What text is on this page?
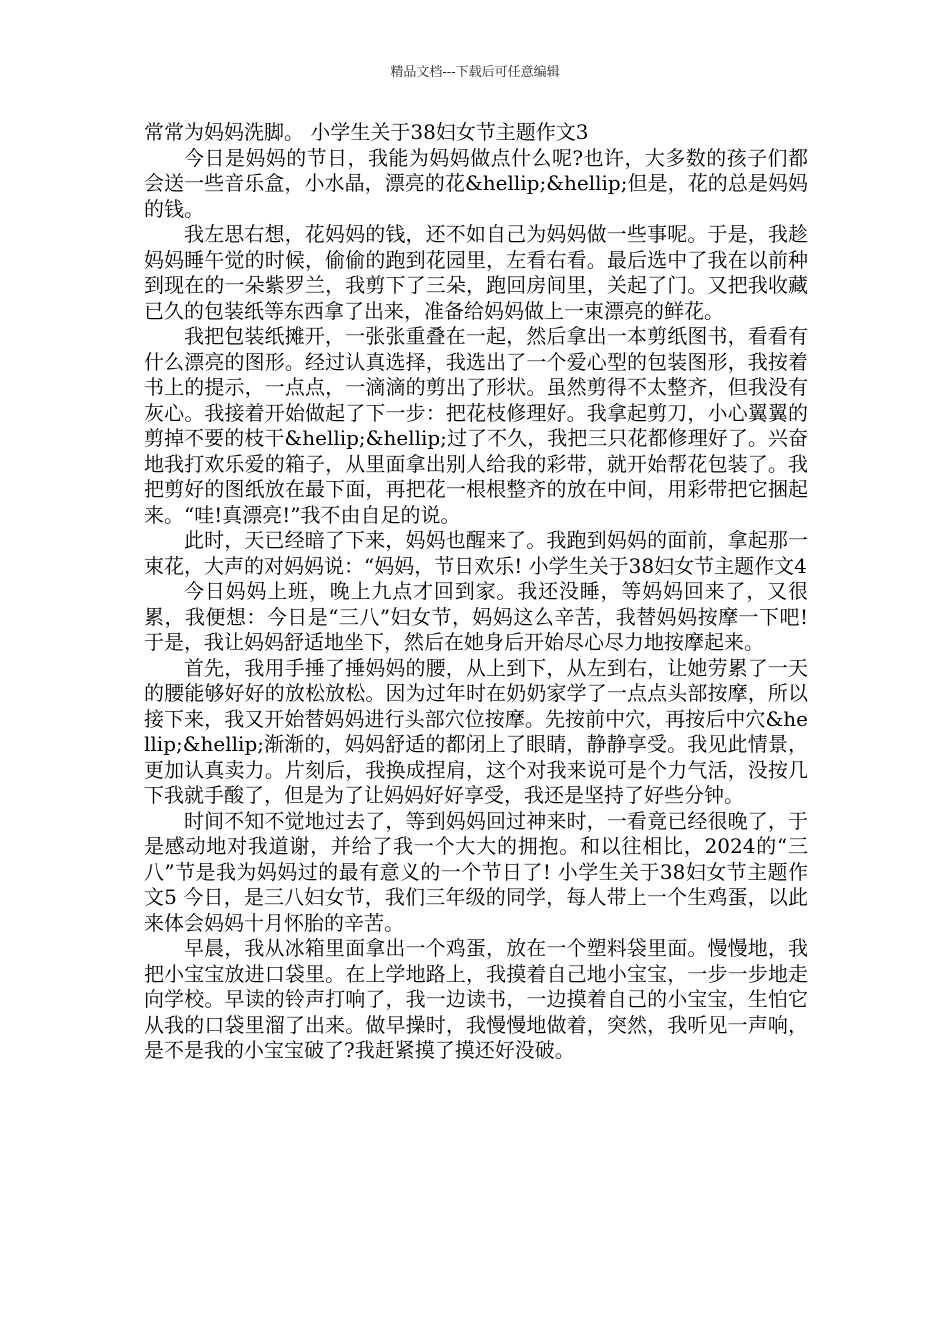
精品文档---下载后可任意编辑

常常为妈妈洗脚。 小学生关于38妇女节主题作文3

今日是妈妈的节日，我能为妈妈做点什么呢?也许，大多数的孩子们都会送一些音乐盒，小水晶，漂亮的花&hellip;&hellip;但是，花的总是妈妈的钱。

我左思右想，花妈妈的钱，还不如自己为妈妈做一些事呢。于是，我趁妈妈睡午觉的时候，偷偷的跑到花园里，左看右看。最后选中了我在以前种到现在的一朵紫罗兰，我剪下了三朵，跑回房间里，关起了门。又把我收藏已久的包装纸等东西拿了出来，准备给妈妈做上一束漂亮的鲜花。

我把包装纸摊开，一张张重叠在一起，然后拿出一本剪纸图书，看看有什么漂亮的图形。经过认真选择，我选出了一个爱心型的包装图形，我按着书上的提示，一点点，一滴滴的剪出了形状。虽然剪得不太整齐，但我没有灰心。我接着开始做起了下一步：把花枝修理好。我拿起剪刀，小心翼翼的剪掉不要的枝干&hellip;&hellip;过了不久，我把三只花都修理好了。兴奋地我打欢乐爱的箱子，从里面拿出别人给我的彩带，就开始帮花包装了。我把剪好的图纸放在最下面，再把花一根根整齐的放在中间，用彩带把它捆起来。“哇!真漂亮!”我不由自足的说。

此时，天已经暗了下来，妈妈也醒来了。我跑到妈妈的面前，拿起那一束花，大声的对妈妈说：“妈妈，节日欢乐! 小学生关于38妇女节主题作文4

今日妈妈上班，晚上九点才回到家。我还没睡，等妈妈回来了，又很累，我便想：今日是“三八”妇女节，妈妈这么辛苦，我替妈妈按摩一下吧!于是，我让妈妈舒适地坐下，然后在她身后开始尽心尽力地按摩起来。

首先，我用手捶了捶妈妈的腰，从上到下，从左到右，让她劳累了一天的腰能够好好的放松放松。因为过年时在奶奶家学了一点点头部按摩，所以接下来，我又开始替妈妈进行头部穴位按摩。先按前中穴，再按后中穴&hellip;&hellip;渐渐的，妈妈舒适的都闭上了眼睛，静静享受。我见此情景，更加认真卖力。片刻后，我换成捏肩，这个对我来说可是个力气活，没按几下我就手酸了，但是为了让妈妈好好享受，我还是坚持了好些分钟。

时间不知不觉地过去了，等到妈妈回过神来时，一看竟已经很晚了，于是感动地对我道谢，并给了我一个大大的拥抱。和以往相比，2024的“三八”节是我为妈妈过的最有意义的一个节日了! 小学生关于38妇女节主题作文5 今日，是三八妇女节，我们三年级的同学，每人带上一个生鸡蛋，以此来体会妈妈十月怀胎的辛苦。

早晨，我从冰箱里面拿出一个鸡蛋，放在一个塑料袋里面。慢慢地，我把小宝宝放进口袋里。在上学地路上，我摸着自己地小宝宝，一步一步地走向学校。早读的铃声打响了，我一边读书，一边摸着自己的小宝宝，生怕它从我的口袋里溜了出来。做早操时，我慢慢地做着，突然，我听见一声响，是不是我的小宝宝破了?我赶紧摸了摸还好没破。
